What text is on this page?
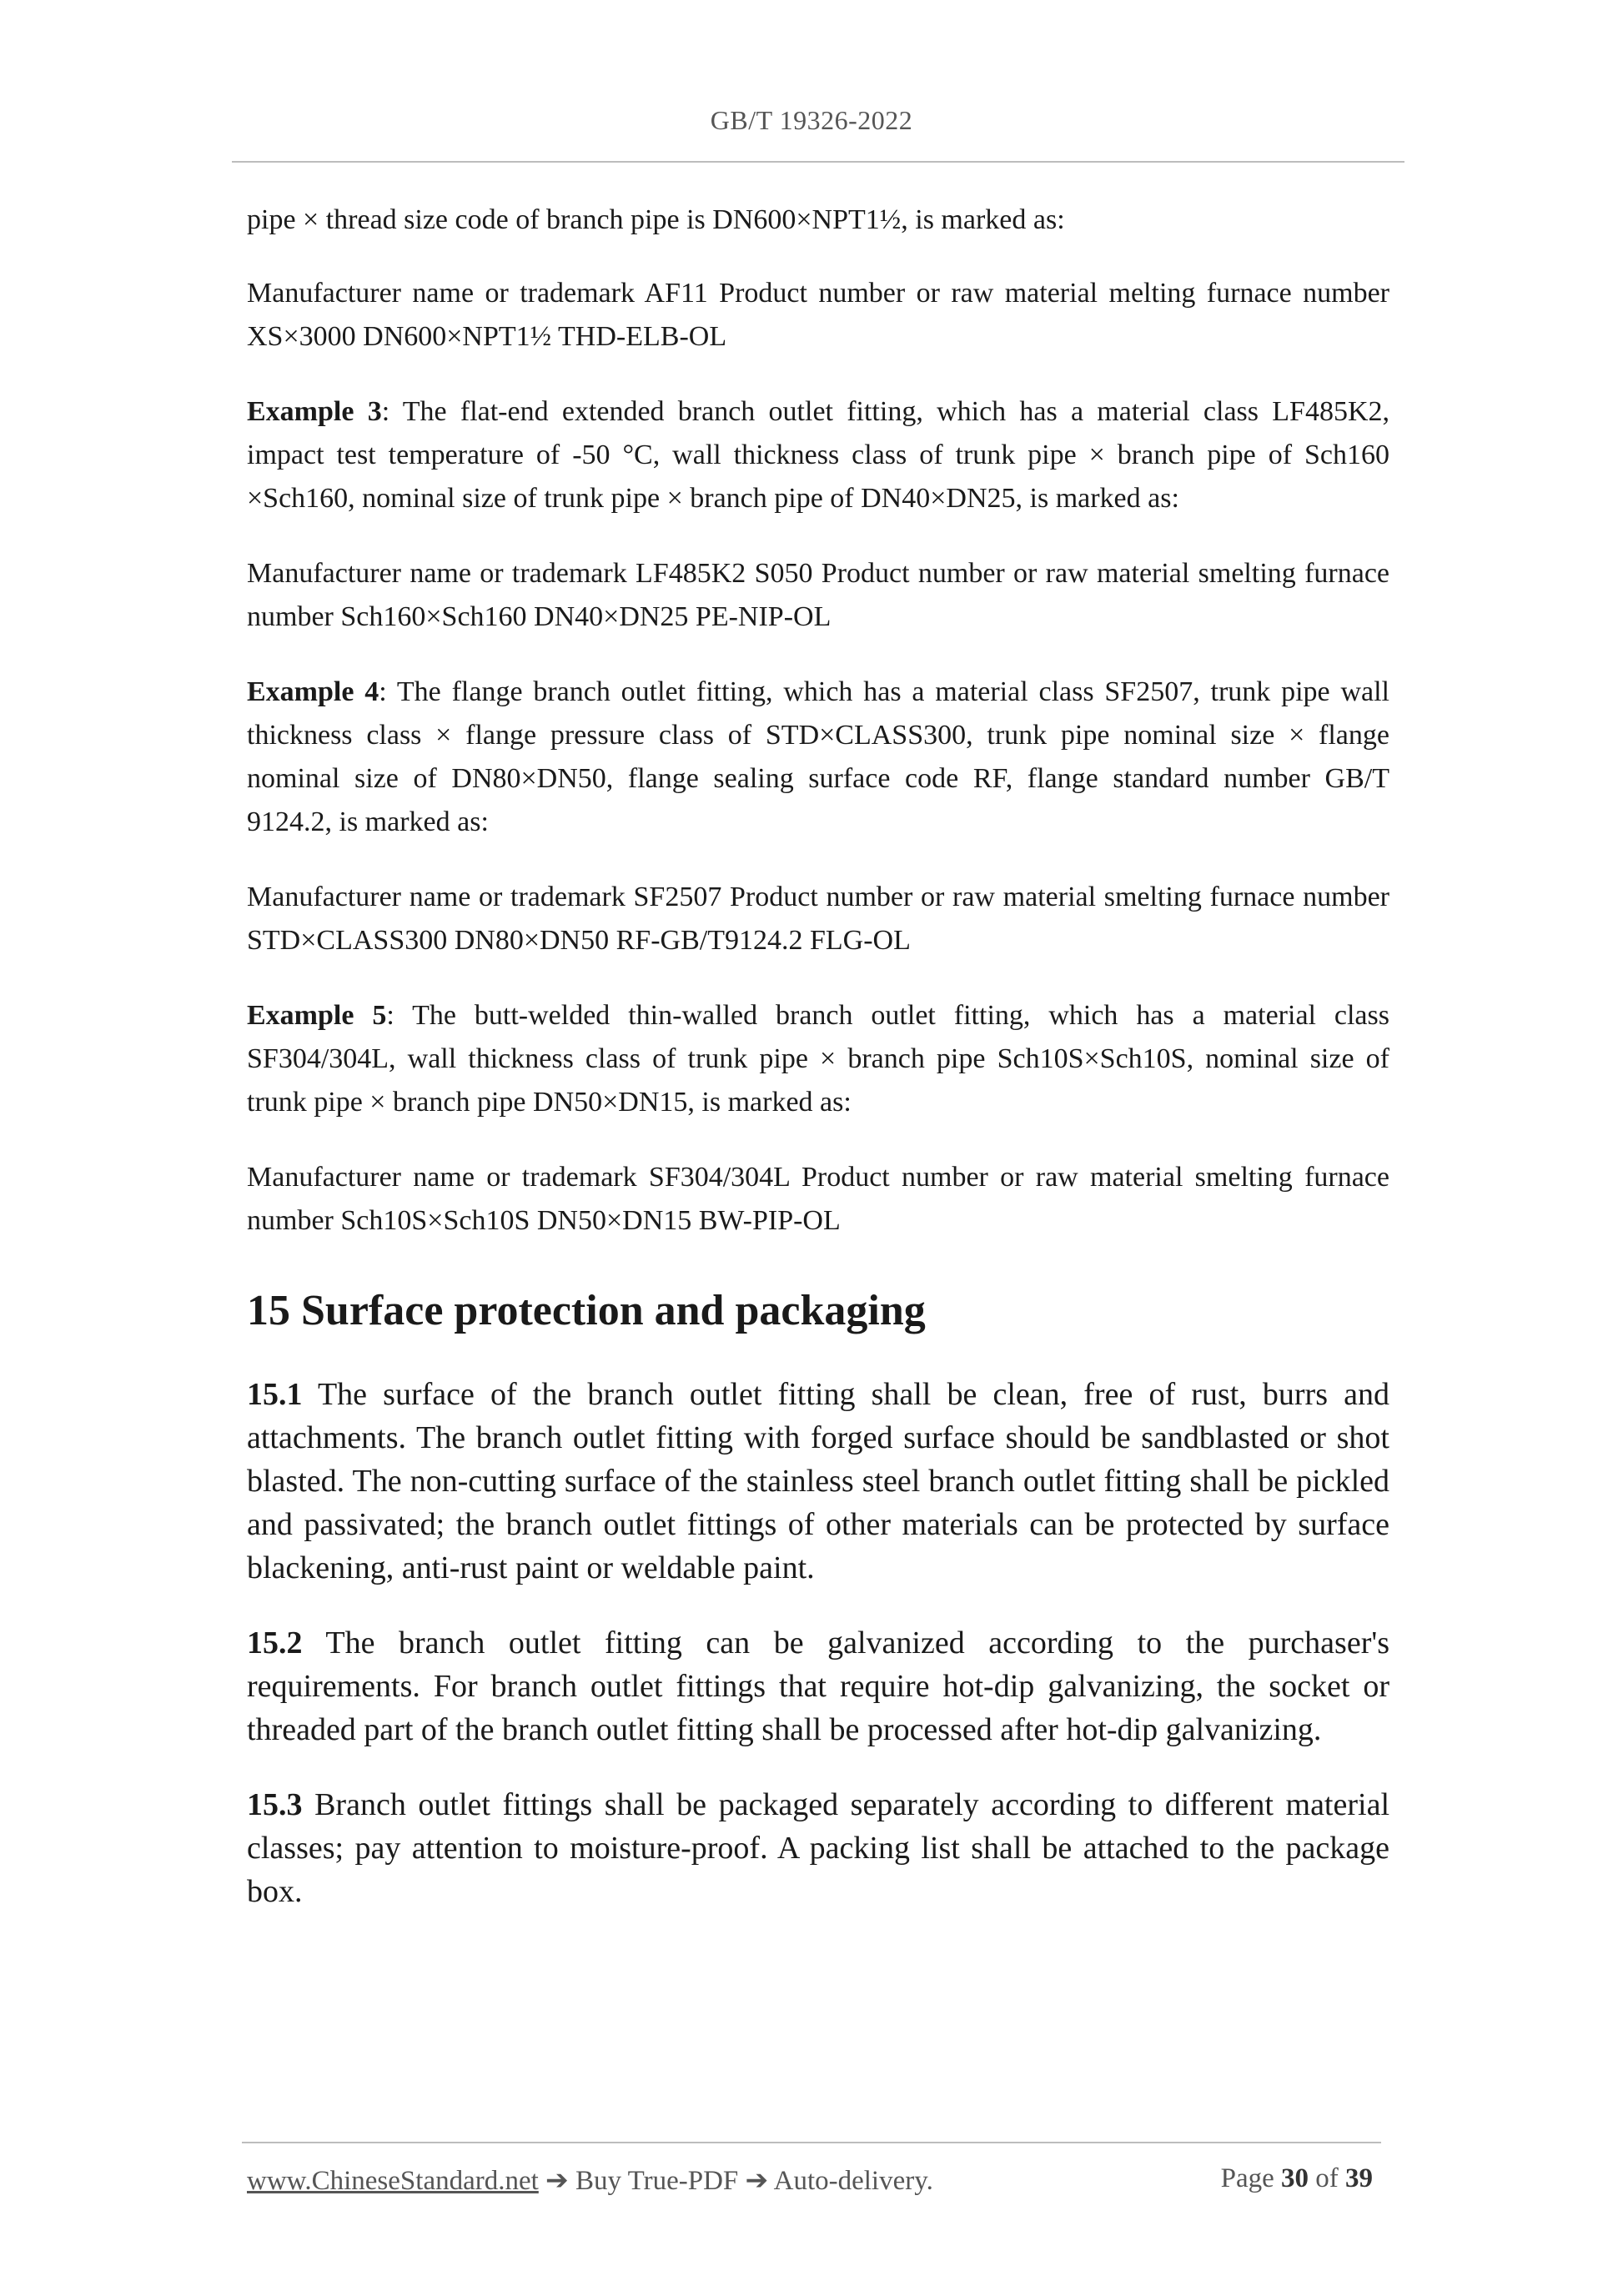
GB/T 19326-2022

pipe × thread size code of branch pipe is DN600×NPT1½, is marked as:

Manufacturer name or trademark AF11 Product number or raw material melting furnace number XS×3000 DN600×NPT1½ THD-ELB-OL

Example 3: The flat-end extended branch outlet fitting, which has a material class LF485K2, impact test temperature of -50 °C, wall thickness class of trunk pipe × branch pipe of Sch160 ×Sch160, nominal size of trunk pipe × branch pipe of DN40×DN25, is marked as:

Manufacturer name or trademark LF485K2 S050 Product number or raw material smelting furnace number Sch160×Sch160 DN40×DN25 PE-NIP-OL

Example 4: The flange branch outlet fitting, which has a material class SF2507, trunk pipe wall thickness class × flange pressure class of STD×CLASS300, trunk pipe nominal size × flange nominal size of DN80×DN50, flange sealing surface code RF, flange standard number GB/T 9124.2, is marked as:

Manufacturer name or trademark SF2507 Product number or raw material smelting furnace number STD×CLASS300 DN80×DN50 RF-GB/T9124.2 FLG-OL

Example 5: The butt-welded thin-walled branch outlet fitting, which has a material class SF304/304L, wall thickness class of trunk pipe × branch pipe Sch10S×Sch10S, nominal size of trunk pipe × branch pipe DN50×DN15, is marked as:

Manufacturer name or trademark SF304/304L Product number or raw material smelting furnace number Sch10S×Sch10S DN50×DN15 BW-PIP-OL

15 Surface protection and packaging

15.1 The surface of the branch outlet fitting shall be clean, free of rust, burrs and attachments. The branch outlet fitting with forged surface should be sandblasted or shot blasted. The non-cutting surface of the stainless steel branch outlet fitting shall be pickled and passivated; the branch outlet fittings of other materials can be protected by surface blackening, anti-rust paint or weldable paint.

15.2 The branch outlet fitting can be galvanized according to the purchaser's requirements. For branch outlet fittings that require hot-dip galvanizing, the socket or threaded part of the branch outlet fitting shall be processed after hot-dip galvanizing.

15.3 Branch outlet fittings shall be packaged separately according to different material classes; pay attention to moisture-proof. A packing list shall be attached to the package box.

www.ChineseStandard.net ➔ Buy True-PDF ➔ Auto-delivery.	Page 30 of 39
